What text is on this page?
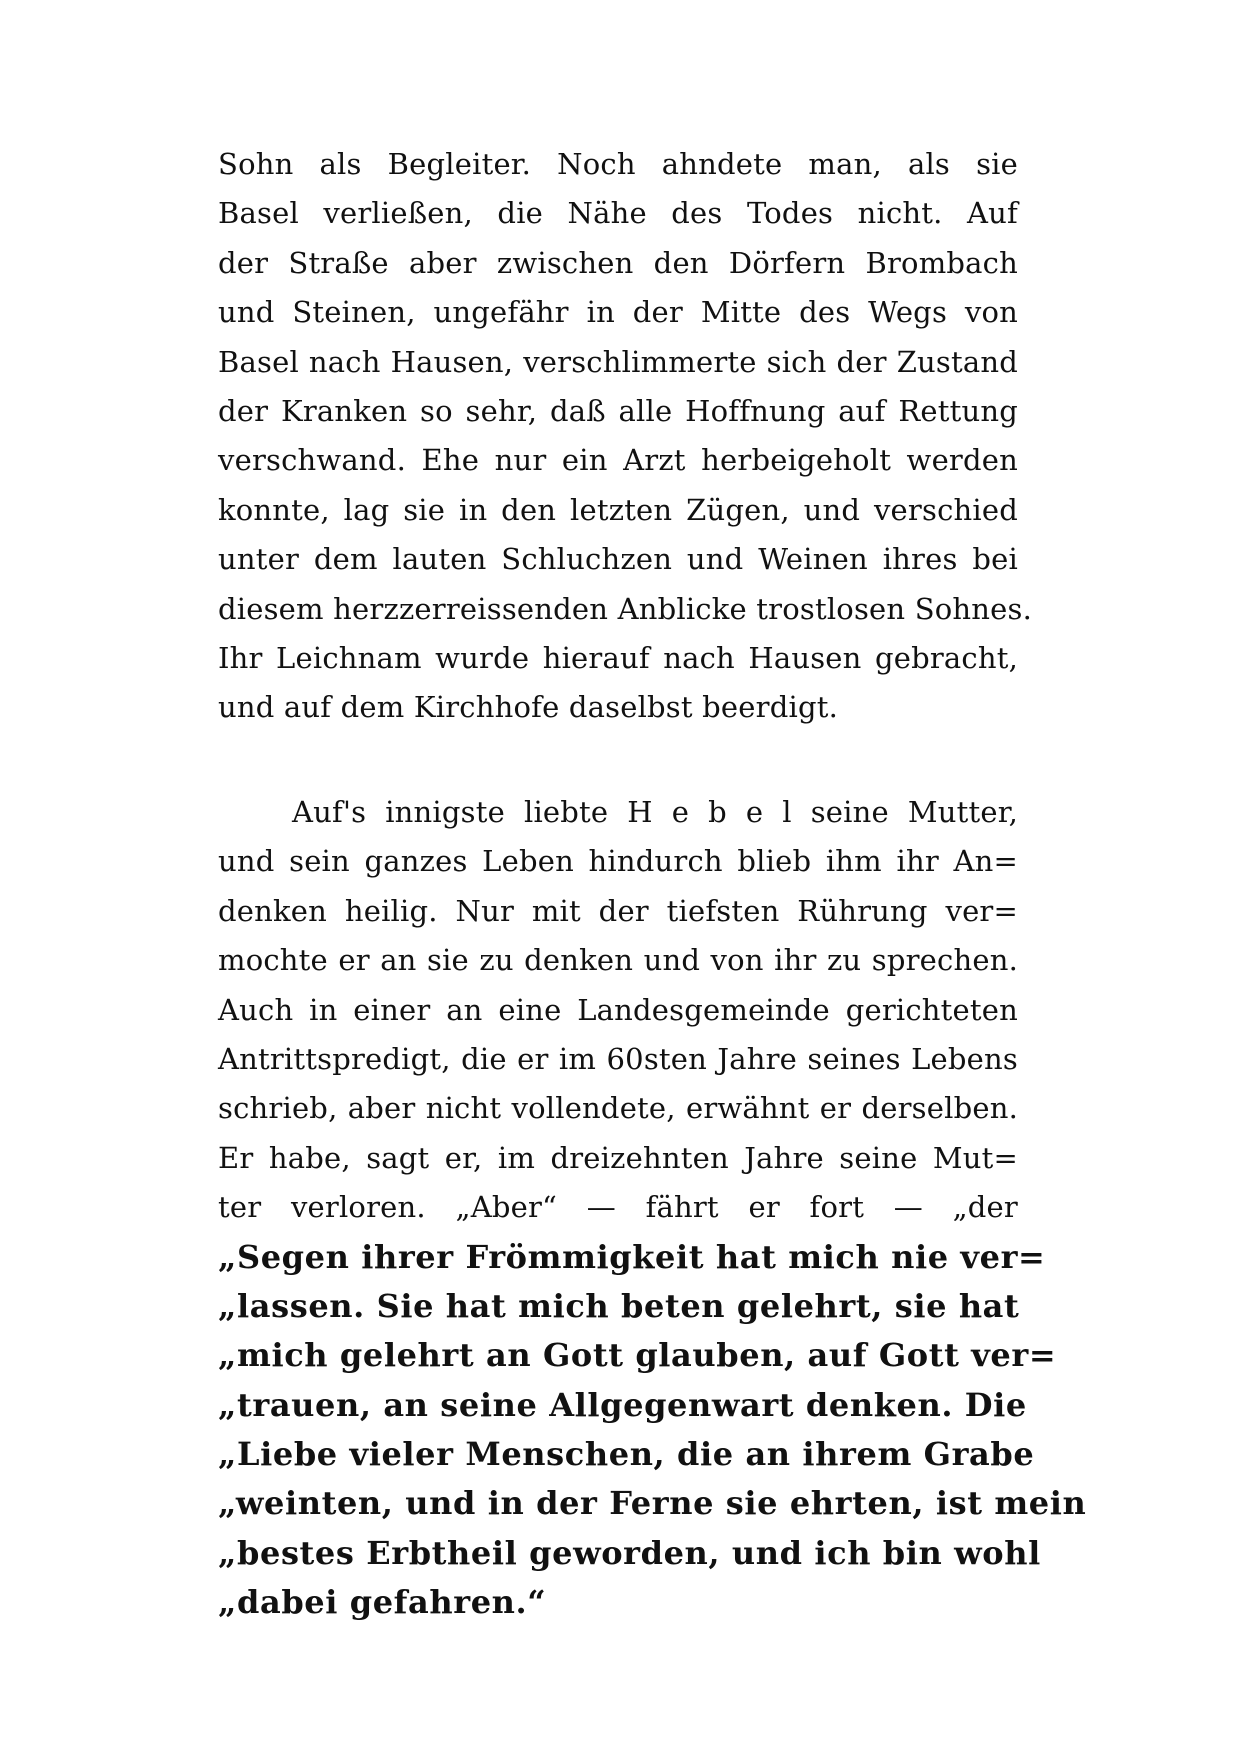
Sohn als Begleiter. Noch ahndete man, als sie
Basel verließen, die Nähe des Todes nicht. Auf
der Straße aber zwischen den Dörfern Brombach
und Steinen, ungefähr in der Mitte des Wegs von
Basel nach Hausen, verschlimmerte sich der Zustand
der Kranken so sehr, daß alle Hoffnung auf Rettung
verschwand. Ehe nur ein Arzt herbeigeholt werden
konnte, lag sie in den letzten Zügen, und verschied
unter dem lauten Schluchzen und Weinen ihres bei
diesem herzzerreissenden Anblicke trostlosen Sohnes.
Ihr Leichnam wurde hierauf nach Hausen gebracht,
und auf dem Kirchhofe daselbst beerdigt.
Auf's innigste liebte H e b e l seine Mutter,
und sein ganzes Leben hindurch blieb ihm ihr An=
denken heilig. Nur mit der tiefsten Rührung ver=
mochte er an sie zu denken und von ihr zu sprechen.
Auch in einer an eine Landesgemeinde gerichteten
Antrittspredigt, die er im 60sten Jahre seines Lebens
schrieb, aber nicht vollendete, erwähnt er derselben.
Er habe, sagt er, im dreizehnten Jahre seine Mut=
ter verloren. „Aber“ — fährt er fort — „der
„Segen ihrer Frömmigkeit hat mich nie ver=
„lassen. Sie hat mich beten gelehrt, sie hat
„mich gelehrt an Gott glauben, auf Gott ver=
„trauen, an seine Allgegenwart denken. Die
„Liebe vieler Menschen, die an ihrem Grabe
„weinten, und in der Ferne sie ehrten, ist mein
„bestes Erbtheil geworden, und ich bin wohl
„dabei gefahren.“
